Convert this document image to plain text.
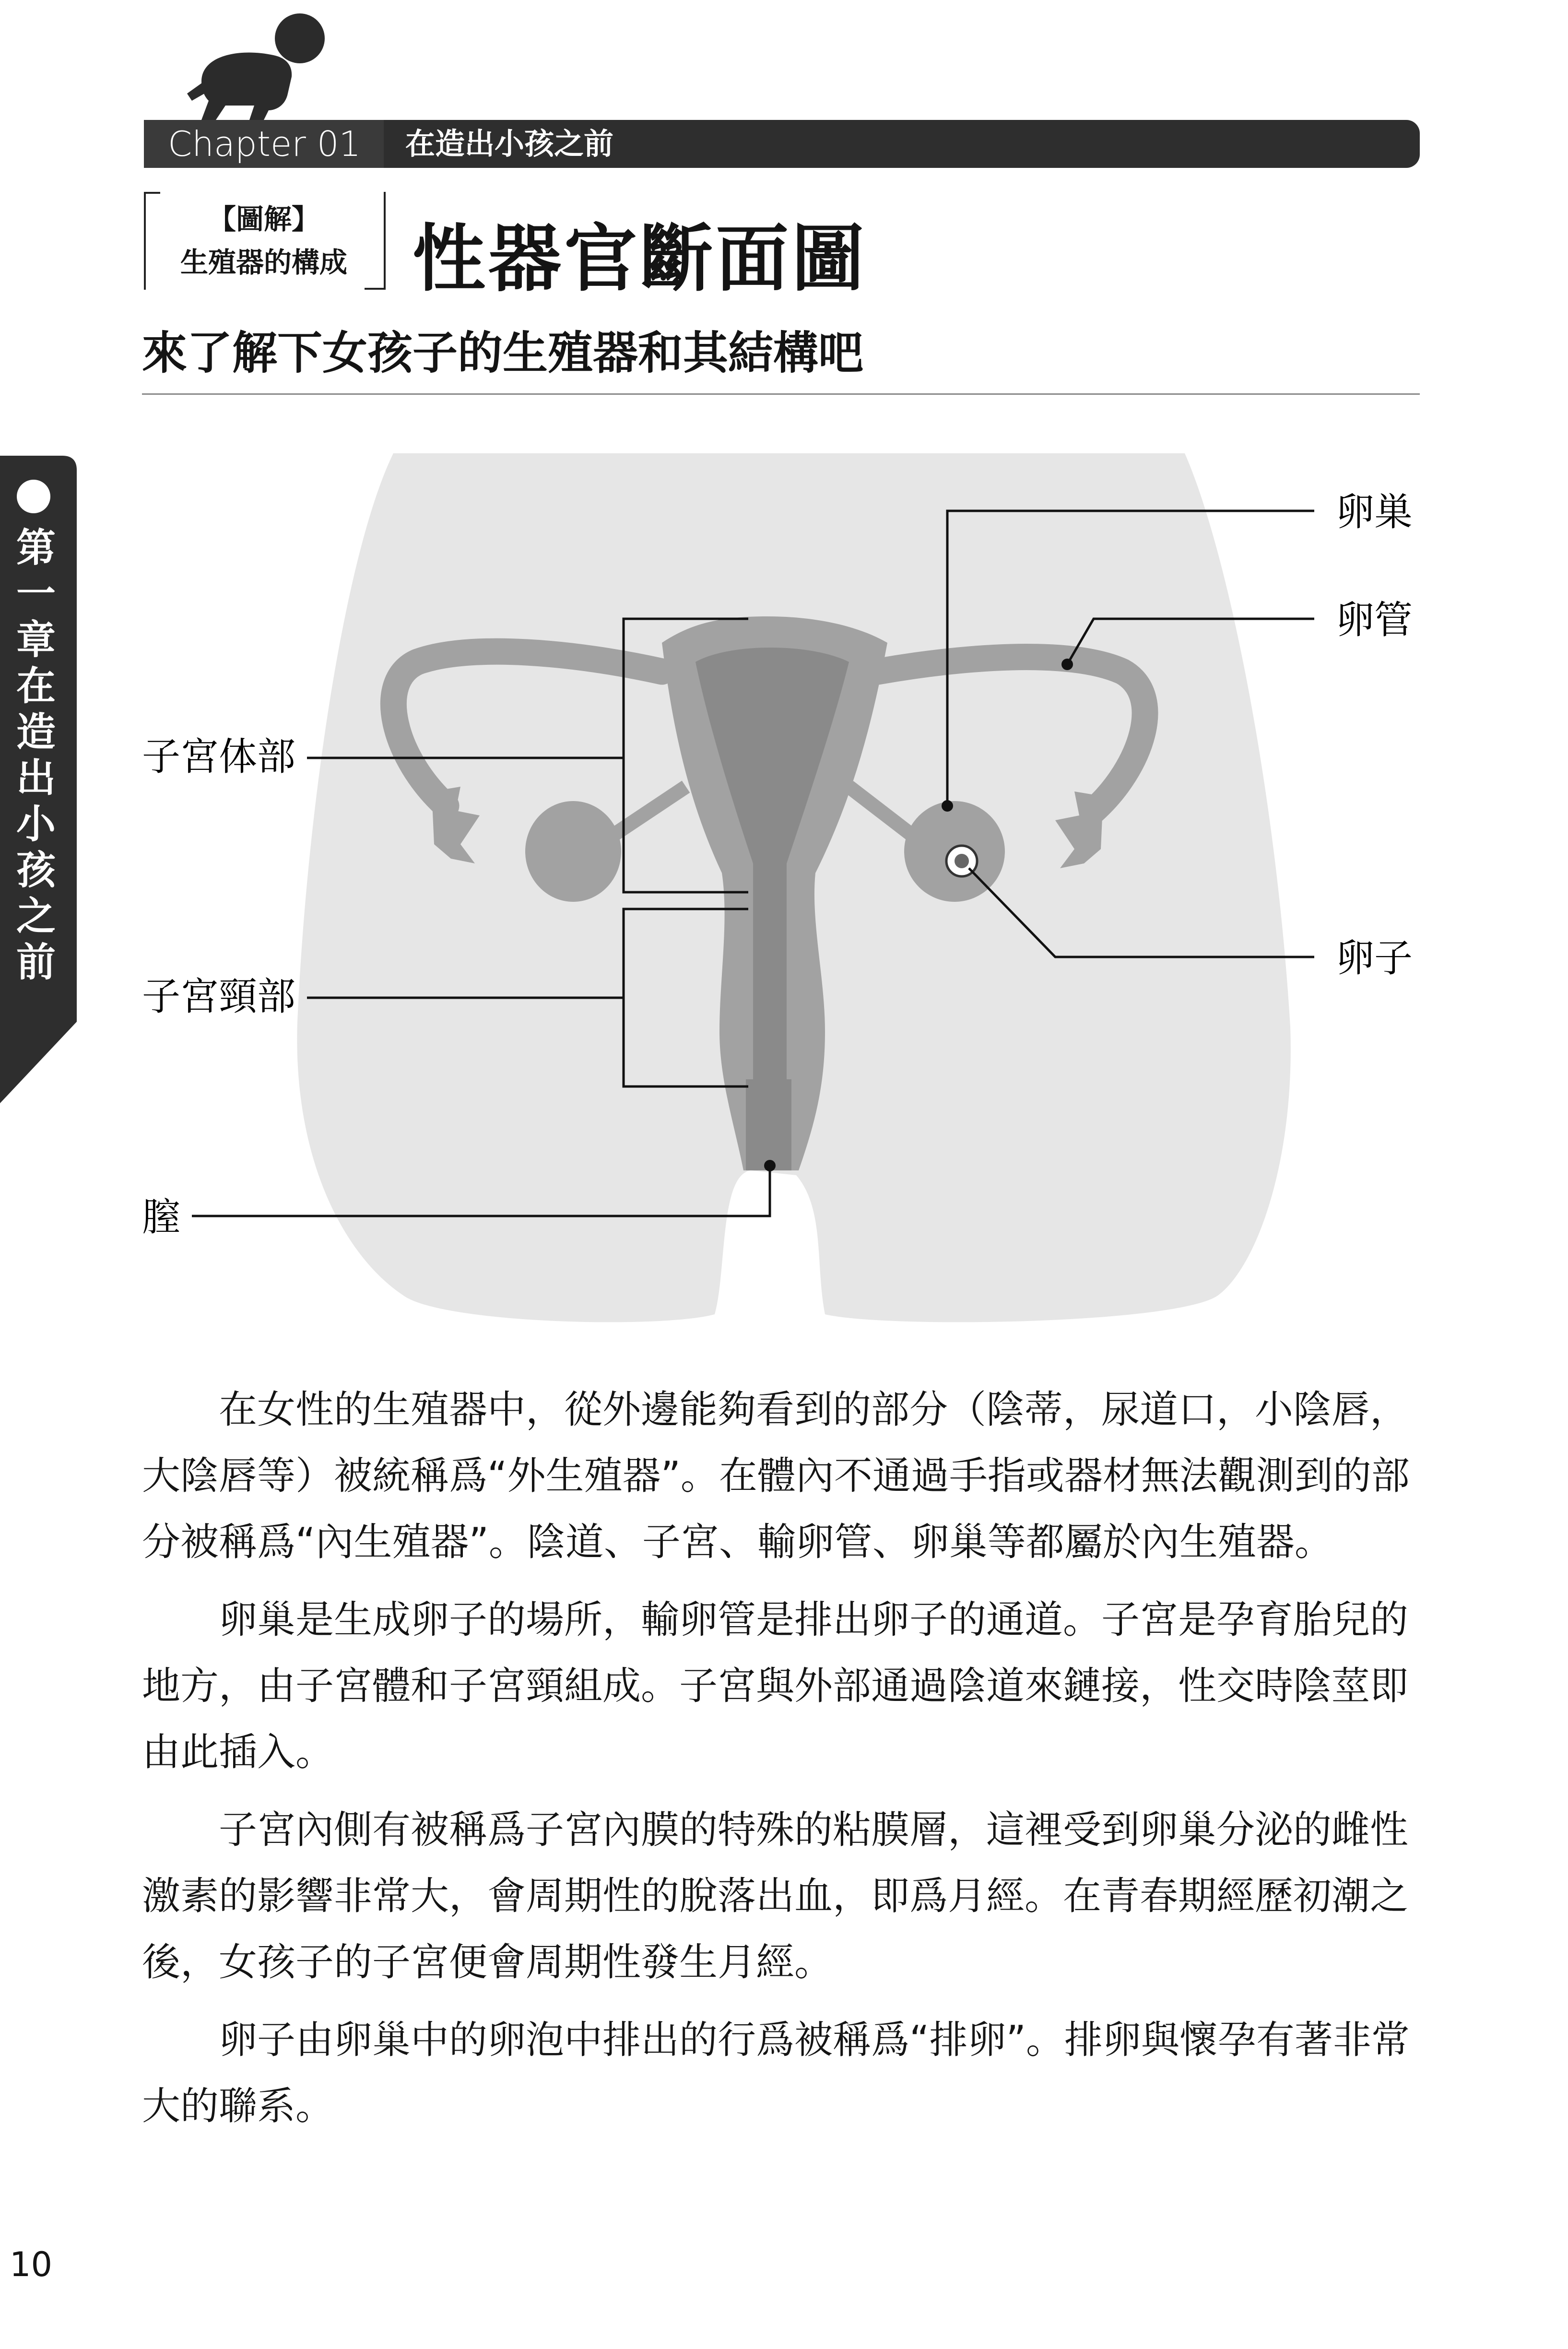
Chapter 01	在造出小孩之前
【圖解】
生殖器的構成 性器官斷面圖
來了解下女孩子的生殖器和其結構吧
第一章 在造出小孩之前
卵巣
卵管
卵子
子宮体部
子宮頸部
膣

在女性的生殖器中，從外邊能夠看到的部分（陰蒂，尿道口，小陰唇，大陰唇等）被統稱爲“外生殖器”。在體內不通過手指或器材無法觀測到的部分被稱爲“內生殖器”。陰道、子宮、輸卵管、卵巢等都屬於內生殖器。

卵巢是生成卵子的場所，輸卵管是排出卵子的通道。子宮是孕育胎兒的地方，由子宮體和子宮頸組成。子宮與外部通過陰道來鏈接，性交時陰莖即由此插入。

子宮內側有被稱爲子宮內膜的特殊的粘膜層，這裡受到卵巢分泌的雌性激素的影響非常大，會周期性的脫落出血，即爲月經。在青春期經歷初潮之後，女孩子的子宮便會周期性發生月經。

卵子由卵巢中的卵泡中排出的行爲被稱爲“排卵”。排卵與懷孕有著非常大的聯系。

10
